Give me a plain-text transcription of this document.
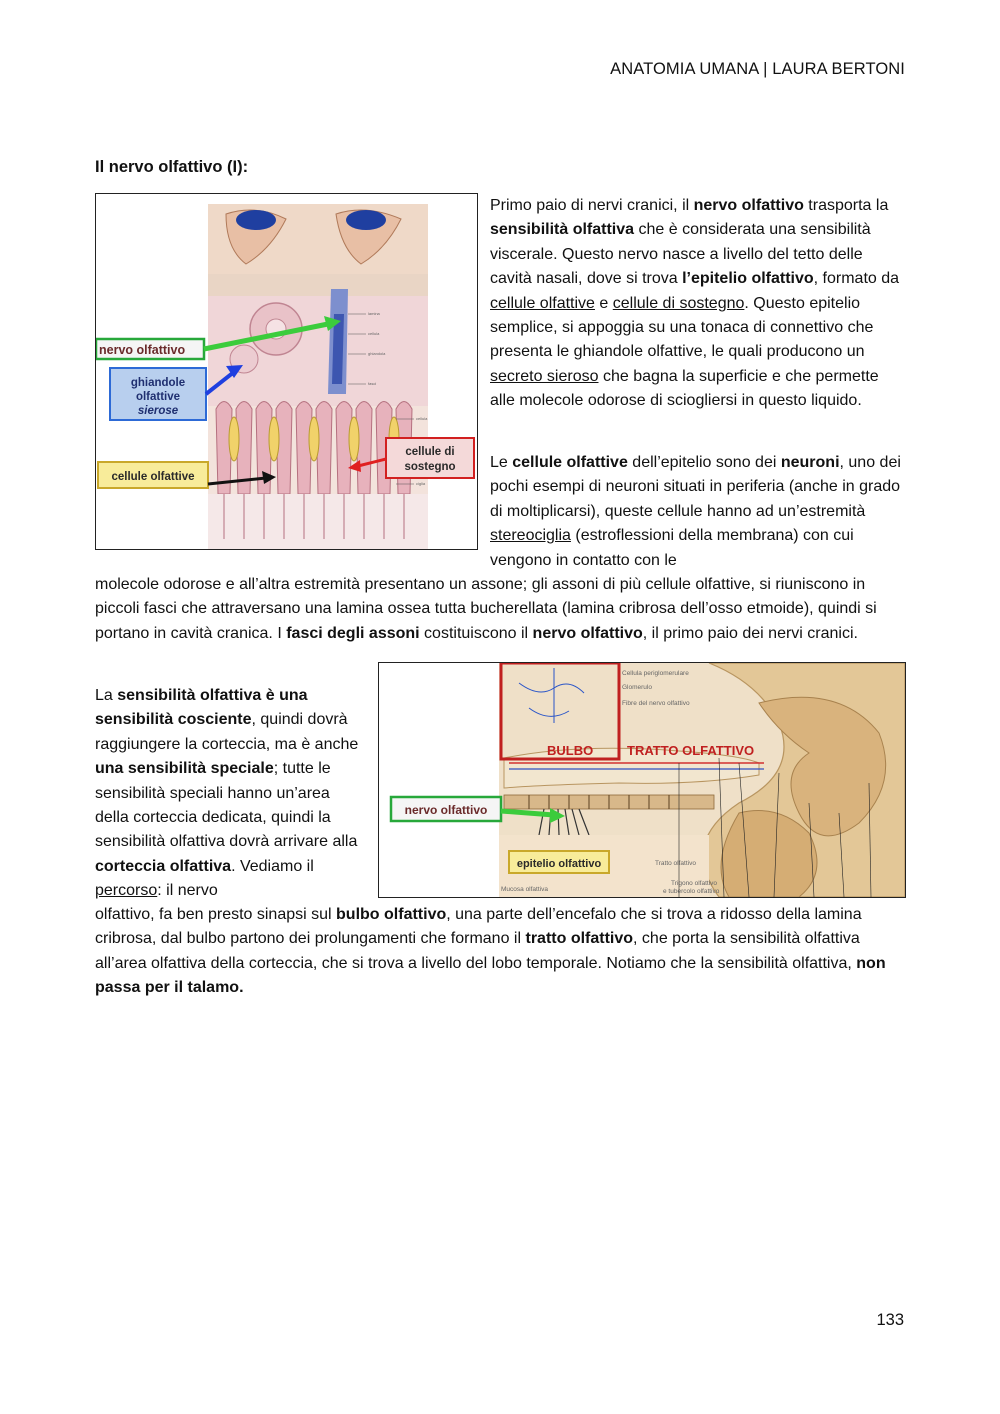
ANATOMIA UMANA | LAURA BERTONI
Il nervo olfattivo (I):
lamina
cellula
ghiandola
fasci
cellula
ciglia
nervo olfattivo
ghiandole
olfattive
sierose
cellule olfattive
cellule di
sostegno

Primo paio di nervi cranici, il nervo olfattivo trasporta la sensibilità olfattiva che è considerata una sensibilità viscerale. Questo nervo nasce a livello del tetto delle cavità nasali, dove si trova l’epitelio olfattivo, formato da cellule olfattive e cellule di sostegno. Questo epitelio semplice, si appoggia su una tonaca di connettivo che presenta le ghiandole olfattive, le quali producono un secreto sieroso che bagna la superficie e che permette alle molecole odorose di sciogliersi in questo liquido.

Le cellule olfattive dell’epitelio sono dei neuroni, uno dei pochi esempi di neuroni situati in periferia (anche in grado di moltiplicarsi), queste cellule hanno ad un’estremità stereociglia (estroflessioni della membrana) con cui vengono in contatto con le

molecole odorose e all’altra estremità presentano un assone; gli assoni di più cellule olfattive, si riuniscono in piccoli fasci che attraversano una lamina ossea tutta bucherellata (lamina cribrosa dell’osso etmoide), quindi si portano in cavità cranica. I fasci degli assoni costituiscono il nervo olfattivo, il primo paio dei nervi cranici.

Cellula periglomerulare
Glomerulo
Fibre del nervo olfattivo
Tratto olfattivo
Mucosa olfattiva
Trigono olfattivo
e tubercolo olfattivo
BULBO	TRATTO OLFATTIVO
nervo olfattivo
epitelio olfattivo

La sensibilità olfattiva è una sensibilità cosciente, quindi dovrà raggiungere la corteccia, ma è anche una sensibilità speciale; tutte le sensibilità speciali hanno un’area della corteccia dedicata, quindi la sensibilità olfattiva dovrà arrivare alla corteccia olfattiva. Vediamo il percorso: il nervo

olfattivo, fa ben presto sinapsi sul bulbo olfattivo, una parte dell’encefalo che si trova a ridosso della lamina cribrosa, dal bulbo partono dei prolungamenti che formano il tratto olfattivo, che porta la sensibilità olfattiva all’area olfattiva della corteccia, che si trova a livello del lobo temporale. Notiamo che la sensibilità olfattiva, non passa per il talamo.

133
